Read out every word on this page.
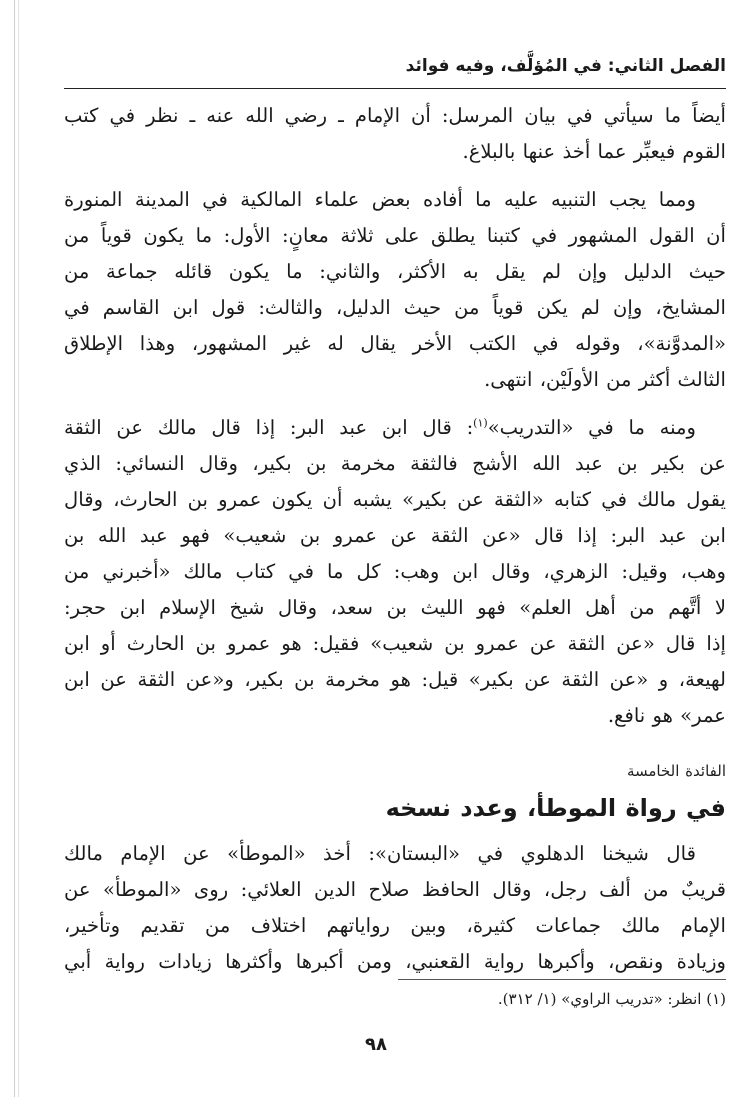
الفصل الثاني: في المُؤلَّف، وفيه فوائد
أيضاً ما سيأتي في بيان المرسل: أن الإمام ـ رضي الله عنه ـ نظر في كتب
القوم فيعبِّر عما أخذ عنها بالبلاغ.
ومما يجب التنبيه عليه ما أفاده بعض علماء المالكية في المدينة المنورة
أن القول المشهور في كتبنا يطلق على ثلاثة معانٍ: الأول: ما يكون قوياً من
حيث الدليل وإن لم يقل به الأكثر، والثاني: ما يكون قائله جماعة من
المشايخ، وإن لم يكن قوياً من حيث الدليل، والثالث: قول ابن القاسم في
«المدوَّنة»، وقوله في الكتب الأخر يقال له غير المشهور، وهذا الإطلاق
الثالث أكثر من الأولَيْن، انتهى.
ومنه ما في «التدريب»$^{(١)}$: قال ابن عبد البر: إذا قال مالك عن الثقة
عن بكير بن عبد الله الأشج فالثقة مخرمة بن بكير، وقال النسائي: الذي
يقول مالك في كتابه «الثقة عن بكير» يشبه أن يكون عمرو بن الحارث، وقال
ابن عبد البر: إذا قال «عن الثقة عن عمرو بن شعيب» فهو عبد الله بن
وهب، وقيل: الزهري، وقال ابن وهب: كل ما في كتاب مالك «أخبرني من
لا أتَّهم من أهل العلم» فهو الليث بن سعد، وقال شيخ الإسلام ابن حجر:
إذا قال «عن الثقة عن عمرو بن شعيب» فقيل: هو عمرو بن الحارث أو ابن
لهيعة، و «عن الثقة عن بكير» قيل: هو مخرمة بن بكير، و«عن الثقة عن ابن
عمر» هو نافع.
الفائدة الخامسة
في رواة الموطأ، وعدد نسخه
قال شيخنا الدهلوي في «البستان»: أخذ «الموطأ» عن الإمام مالك
قريبٌ من ألف رجل، وقال الحافظ صلاح الدين العلائي: روى «الموطأ» عن
الإمام مالك جماعات كثيرة، وبين رواياتهم اختلاف من تقديم وتأخير،
وزيادة ونقص، وأكبرها رواية القعنبي، ومن أكبرها وأكثرها زيادات رواية أبي
(١) انظر: «تدريب الراوي» (١/ ٣١٢).
٩٨
